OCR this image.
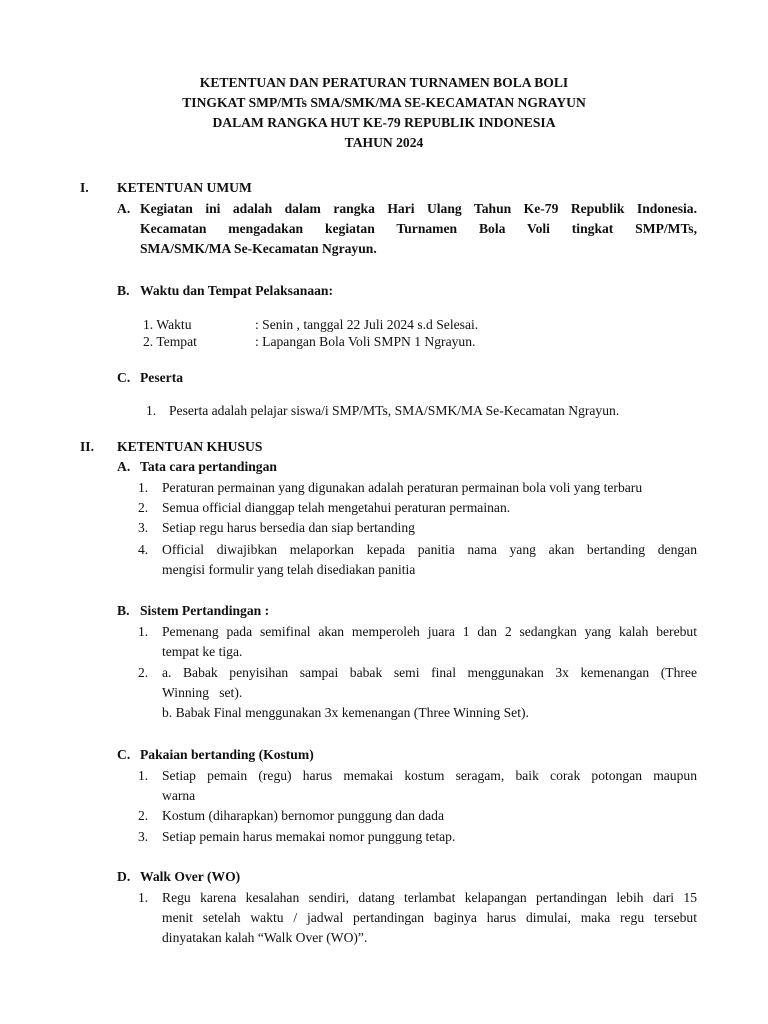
KETENTUAN DAN PERATURAN TURNAMEN BOLA BOLI
TINGKAT SMP/MTs SMA/SMK/MA SE-KECAMATAN NGRAYUN
DALAM RANGKA HUT KE-79 REPUBLIK INDONESIA
TAHUN 2024
I.	KETENTUAN UMUM
A. Kegiatan ini adalah dalam rangka Hari Ulang Tahun Ke-79 Republik Indonesia.
Kecamatan mengadakan kegiatan Turnamen Bola Voli tingkat SMP/MTs,
SMA/SMK/MA Se-Kecamatan Ngrayun.
B. Waktu dan Tempat Pelaksanaan:
1. Waktu	: Senin , tanggal 22 Juli 2024 s.d Selesai.
2. Tempat	: Lapangan Bola Voli SMPN 1 Ngrayun.
C. Peserta
1. Peserta adalah pelajar siswa/i SMP/MTs, SMA/SMK/MA Se-Kecamatan Ngrayun.
II.	KETENTUAN KHUSUS
A. Tata cara pertandingan
1.	Peraturan permainan yang digunakan adalah peraturan permainan bola voli yang terbaru
2.	Semua official dianggap telah mengetahui peraturan permainan.
3.	Setiap regu harus bersedia dan siap bertanding
4.	Official diwajibkan melaporkan kepada panitia nama yang akan bertanding dengan
mengisi formulir yang telah disediakan panitia
B. Sistem Pertandingan :
1.	Pemenang pada semifinal akan memperoleh juara 1 dan 2 sedangkan yang kalah berebut
tempat ke tiga.
2.	a. Babak penyisihan sampai babak semi final menggunakan 3x kemenangan (Three
Winning   set).
b. Babak Final menggunakan 3x kemenangan (Three Winning Set).
C. Pakaian bertanding (Kostum)
1.	Setiap pemain (regu) harus memakai kostum seragam, baik corak potongan maupun
warna
2.	Kostum (diharapkan) bernomor punggung dan dada
3.	Setiap pemain harus memakai nomor punggung tetap.
D. Walk Over (WO)
1.	Regu karena kesalahan sendiri, datang terlambat kelapangan pertandingan lebih dari 15
menit setelah waktu / jadwal pertandingan baginya harus dimulai, maka regu tersebut
dinyatakan kalah “Walk Over (WO)”.
